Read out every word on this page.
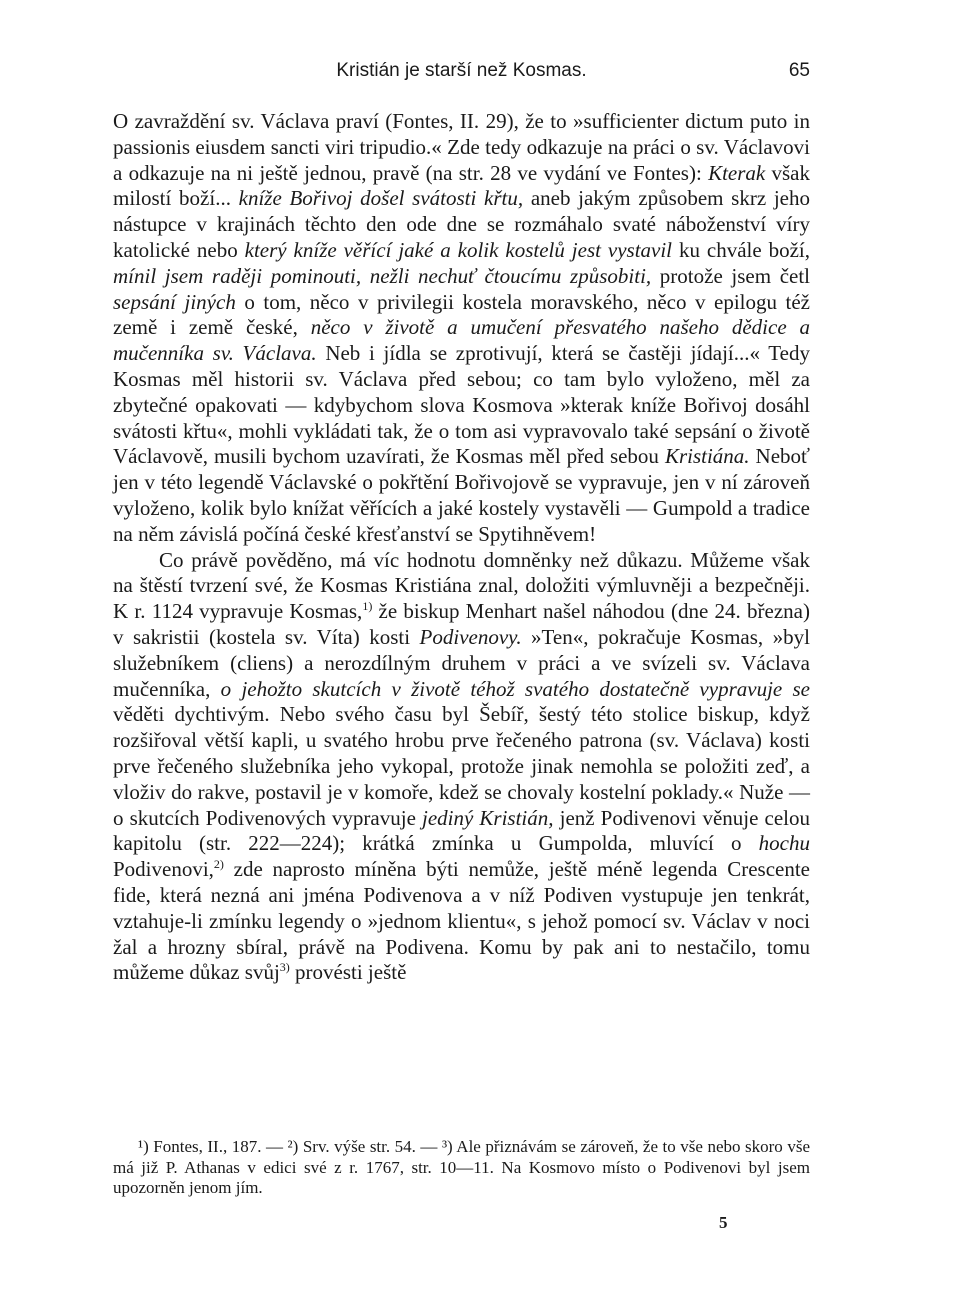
Kristián je starší než Kosmas.	65

O zavraždění sv. Václava praví (Fontes, II. 29), že to »sufficienter dictum puto in passionis eiusdem sancti viri tripudio.« Zde tedy odkazuje na práci o sv. Václavovi a odkazuje na ni ještě jednou, pravě (na str. 28 ve vydání ve Fontes): Kterak však milostí boží... kníže Bořivoj došel svátosti křtu, aneb jakým způsobem skrz jeho nástupce v krajinách těchto den ode dne se rozmáhalo svaté náboženství víry katolické nebo který kníže věřící jaké a kolik kostelů jest vystavil ku chvále boží, mínil jsem raději pominouti, nežli nechuť čtoucímu způsobiti, protože jsem četl sepsání jiných o tom, něco v privilegii kostela moravského, něco v epilogu též země i země české, něco v životě a umučení přesvatého našeho dědice a mučenníka sv. Václava. Neb i jídla se zprotivují, která se častěji jídají...« Tedy Kosmas měl historii sv. Václava před sebou; co tam bylo vyloženo, měl za zbytečné opakovati — kdybychom slova Kosmova »kterak kníže Bořivoj dosáhl svátosti křtu«, mohli vykládati tak, že o tom asi vypravovalo také sepsání o životě Václavově, musili bychom uzavírati, že Kosmas měl před sebou Kristiána. Neboť jen v této legendě Václavské o pokřtění Bořivojově se vypravuje, jen v ní zároveň vyloženo, kolik bylo knížat věřících a jaké kostely vystavěli — Gumpold a tradice na něm závislá počíná české křesťanství se Spytihněvem!

Co právě pověděno, má víc hodnotu domněnky než důkazu. Můžeme však na štěstí tvrzení své, že Kosmas Kristiána znal, doložiti výmluvněji a bezpečněji. K r. 1124 vypravuje Kosmas,$^{1)}$ že biskup Menhart našel náhodou (dne 24. března) v sakristii (kostela sv. Víta) kosti Podivenovy. »Ten«, pokračuje Kosmas, »byl služebníkem (cliens) a nerozdílným druhem v práci a ve svízeli sv. Václava mučenníka, o jehožto skutcích v životě téhož svatého dostatečně vypravuje se věděti dychtivým. Nebo svého času byl Šebíř, šestý této stolice biskup, když rozšiřoval větší kapli, u svatého hrobu prve řečeného patrona (sv. Václava) kosti prve řečeného služebníka jeho vykopal, protože jinak nemohla se položiti zeď, a vloživ do rakve, postavil je v komoře, kdež se chovaly kostelní poklady.« Nuže — o skutcích Podivenových vypravuje jediný Kristián, jenž Podivenovi věnuje celou kapitolu (str. 222—224); krátká zmínka u Gumpolda, mluvící o hochu Podivenovi,$^{2)}$ zde naprosto míněna býti nemůže, ještě méně legenda Crescente fide, která nezná ani jména Podivenova a v níž Podiven vystupuje jen tenkrát, vztahuje-li zmínku legendy o »jednom klientu«, s jehož pomocí sv. Václav v noci žal a hrozny sbíral, právě na Podivena. Komu by pak ani to nestačilo, tomu můžeme důkaz svůj$^{3)}$ provésti ještě

¹) Fontes, II., 187. — ²) Srv. výše str. 54. — ³) Ale přiznávám se zároveň, že to vše nebo skoro vše má již P. Athanas v edici své z r. 1767, str. 10—11. Na Kosmovo místo o Podivenovi byl jsem upozorněn jenom jím.

5
